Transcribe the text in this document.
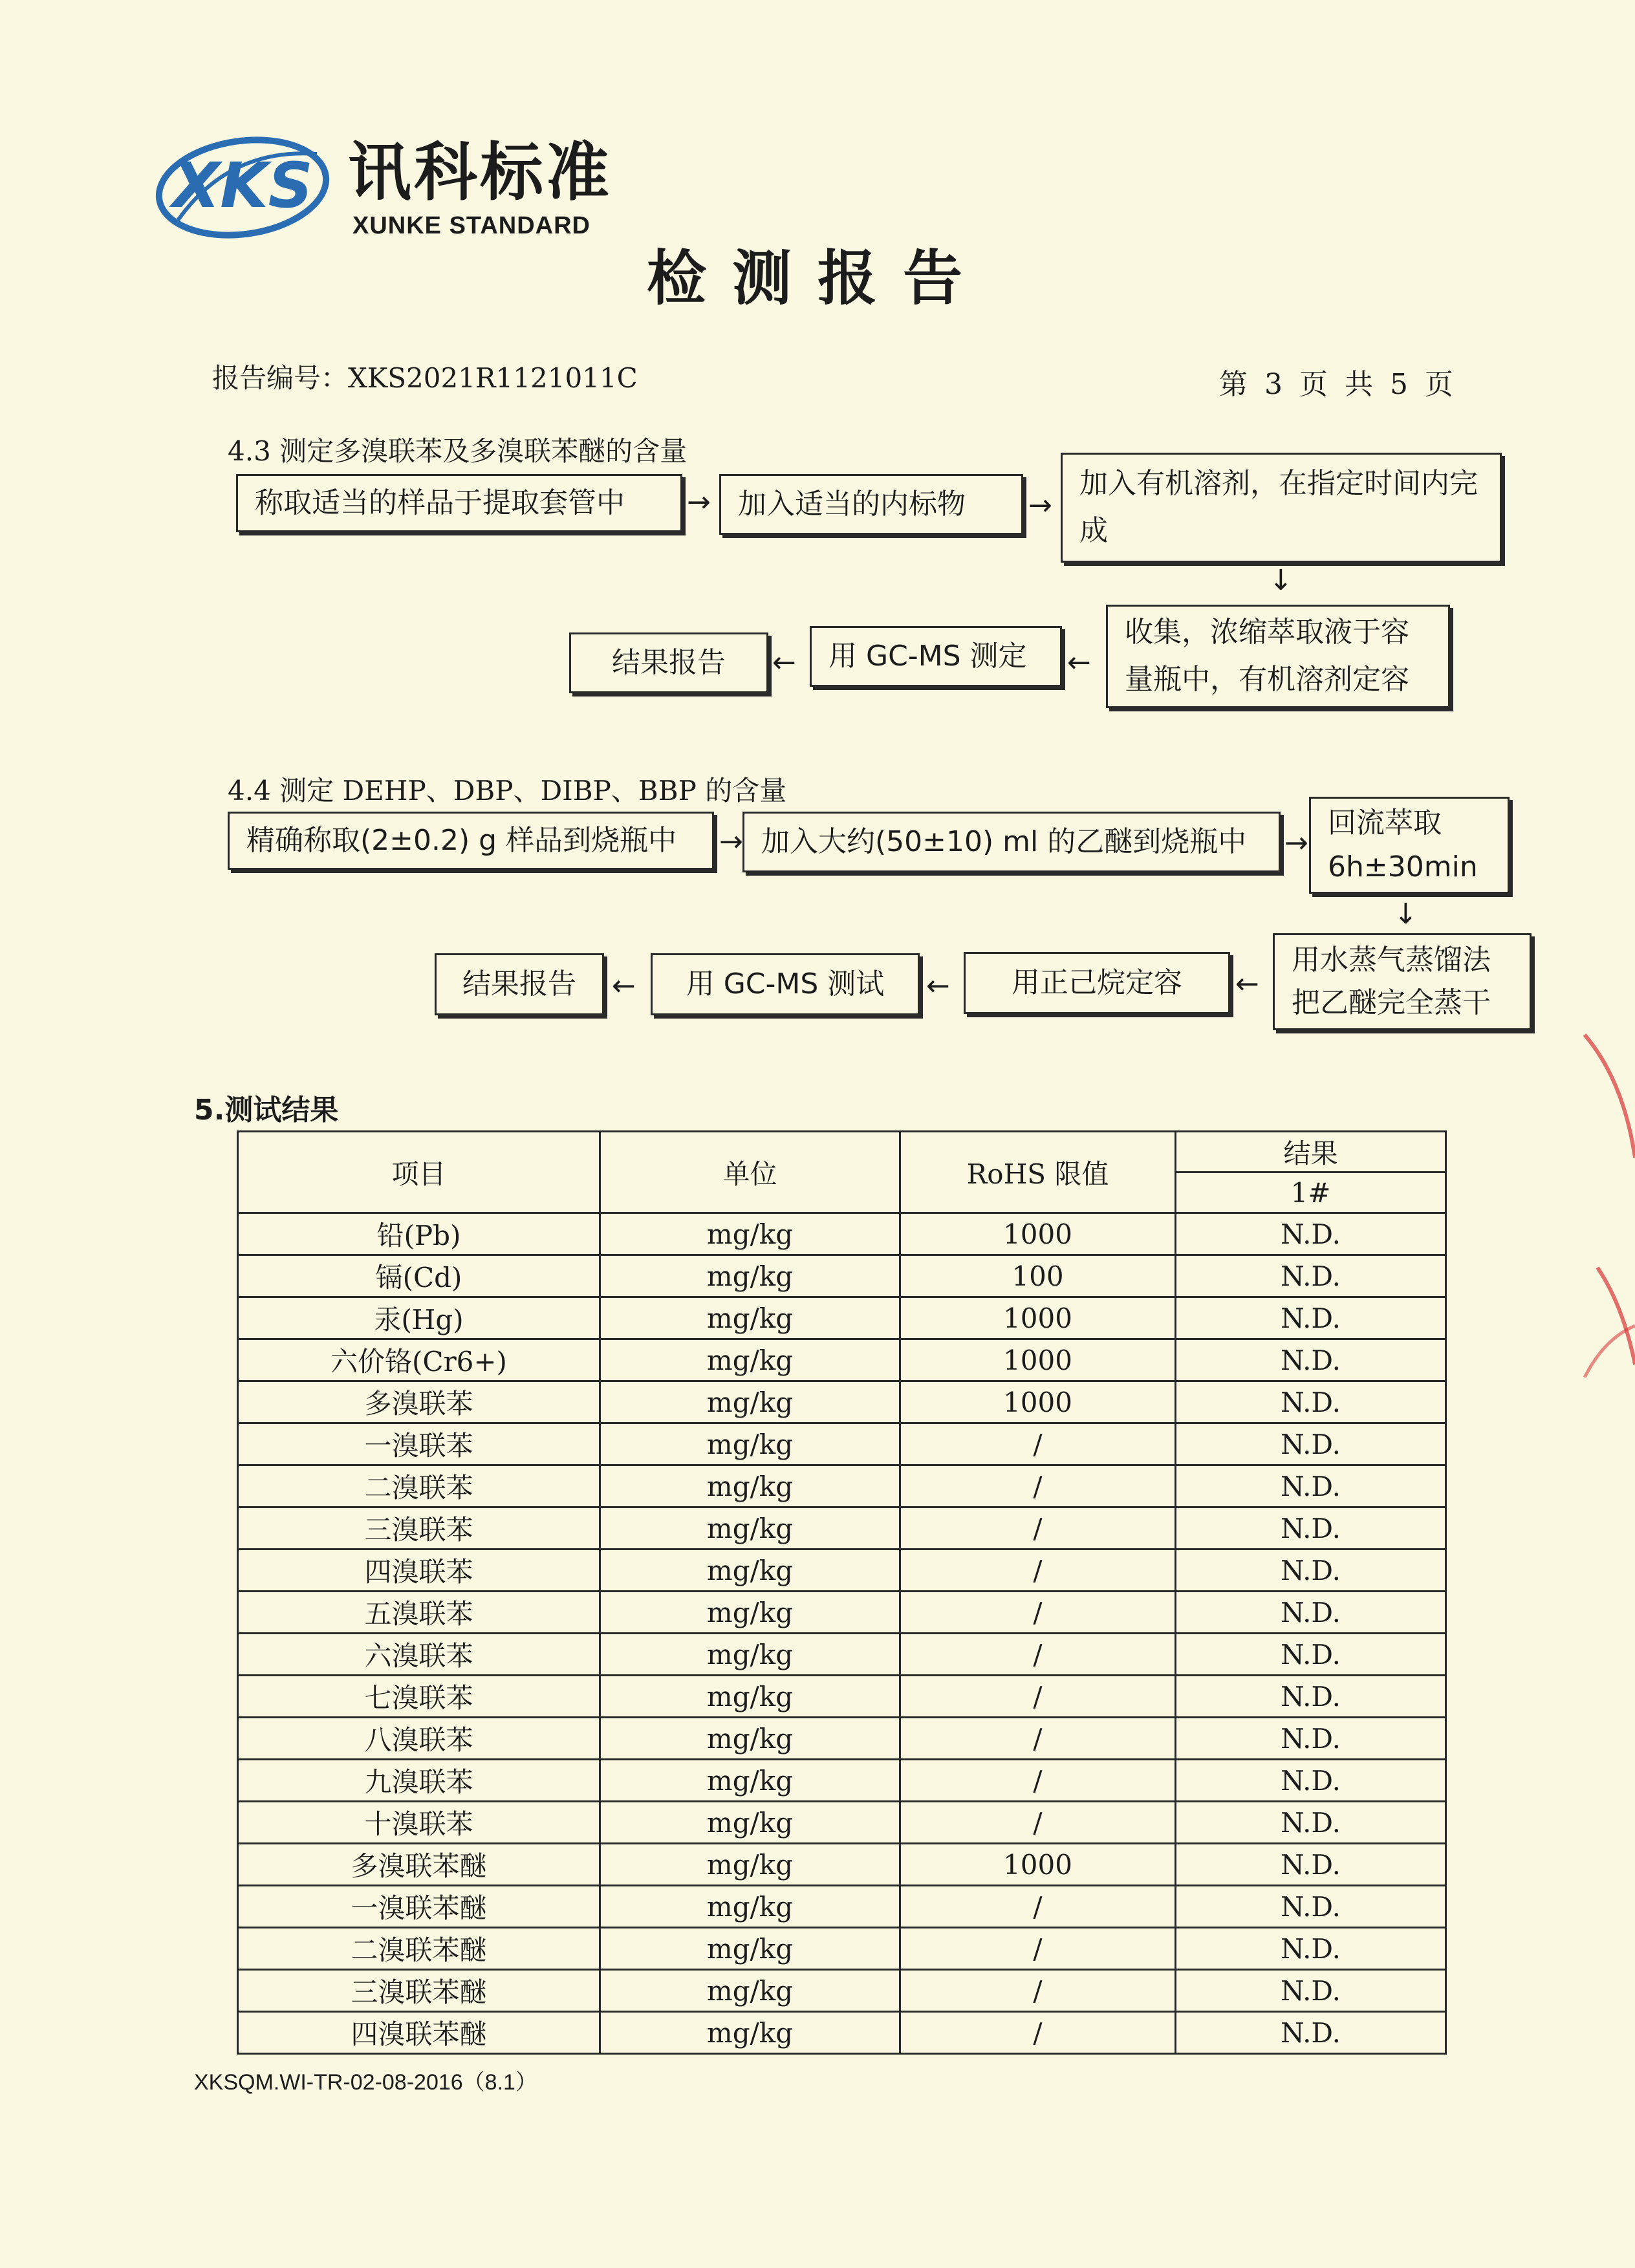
XKS 讯科标准
XUNKE STANDARD
检测报告
报告编号：XKS2021R1121011C	第 3 页 共 5 页
4.3 测定多溴联苯及多溴联苯醚的含量
称取适当的样品于提取套管中 → 加入适当的内标物 →
加入有机溶剂，在指定时间内完成
↓
收集，浓缩萃取液于容量瓶中，有机溶剂定容
←
用 GC-MS 测定
←
结果报告
4.4 测定 DEHP、DBP、DIBP、BBP 的含量
精确称取(2±0.2) g 样品到烧瓶中 → 加入大约(50±10) ml 的乙醚到烧瓶中 →
回流萃取 6h±30min
↓
用水蒸气蒸馏法把乙醚完全蒸干
←
用正己烷定容
←
用 GC-MS 测试
←
结果报告
5.测试结果
项目	单位	RoHS 限值	结果
			1#
铅(Pb)	mg/kg	1000	N.D.
镉(Cd)	mg/kg	100	N.D.
汞(Hg)	mg/kg	1000	N.D.
六价铬(Cr6+)	mg/kg	1000	N.D.
多溴联苯	mg/kg	1000	N.D.
一溴联苯	mg/kg	/	N.D.
二溴联苯	mg/kg	/	N.D.
三溴联苯	mg/kg	/	N.D.
四溴联苯	mg/kg	/	N.D.
五溴联苯	mg/kg	/	N.D.
六溴联苯	mg/kg	/	N.D.
七溴联苯	mg/kg	/	N.D.
八溴联苯	mg/kg	/	N.D.
九溴联苯	mg/kg	/	N.D.
十溴联苯	mg/kg	/	N.D.
多溴联苯醚	mg/kg	1000	N.D.
一溴联苯醚	mg/kg	/	N.D.
二溴联苯醚	mg/kg	/	N.D.
三溴联苯醚	mg/kg	/	N.D.
四溴联苯醚	mg/kg	/	N.D.
XKSQM.WI-TR-02-08-2016（8.1）
